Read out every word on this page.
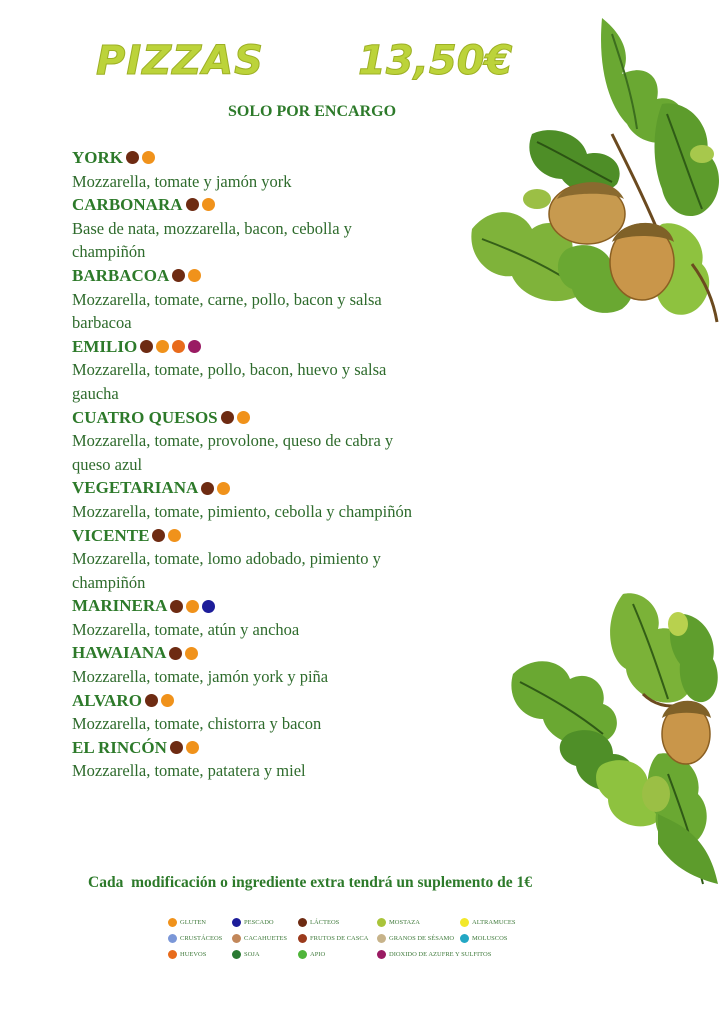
PIZZAS 13,50€
SOLO POR ENCARGO
YORK
Mozzarella, tomate y jamón york
CARBONARA
Base de nata, mozzarella, bacon, cebolla y
champiñón
BARBACOA
Mozzarella, tomate, carne, pollo, bacon y salsa
barbacoa
EMILIO
Mozzarella, tomate, pollo, bacon, huevo y salsa
gaucha
CUATRO QUESOS
Mozzarella, tomate, provolone, queso de cabra y
queso azul
VEGETARIANA
Mozzarella, tomate, pimiento, cebolla y champiñón
VICENTE
Mozzarella, tomate, lomo adobado, pimiento y
champiñón
MARINERA
Mozzarella, tomate, atún y anchoa
HAWAIANA
Mozzarella, tomate, jamón york y piña
ALVARO
Mozzarella, tomate, chistorra y bacon
EL RINCÓN
Mozzarella, tomate, patatera y miel
Cada  modificación o ingrediente extra tendrá un suplemento de 1€
GLUTEN	PESCADO	LÁCTEOS	MOSTAZA	ALTRAMUCES
CRUSTÁCEOS	CACAHUETES	FRUTOS DE CASCA	GRANOS DE SÉSAMO	MOLUSCOS
HUEVOS	SOJA	APIO	DIOXIDO DE AZUFRE Y SULFITOS
